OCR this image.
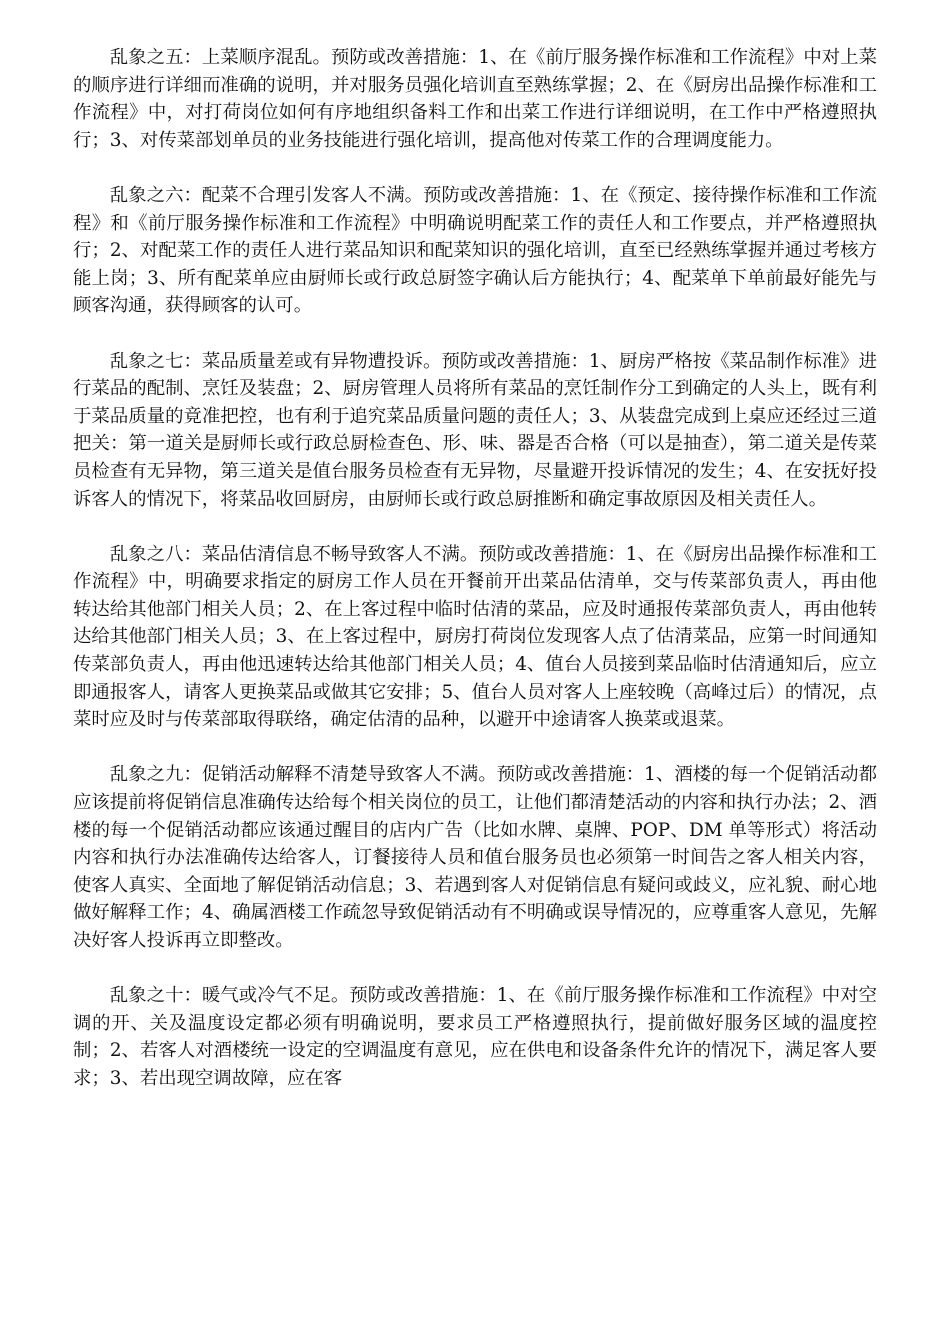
乱象之五：上菜顺序混乱。预防或改善措施：1、在《前厅服务操作标准和工作流程》中对上菜的顺序进行详细而准确的说明，并对服务员强化培训直至熟练掌握；2、在《厨房出品操作标准和工作流程》中，对打荷岗位如何有序地组织备料工作和出菜工作进行详细说明，在工作中严格遵照执行；3、对传菜部划单员的业务技能进行强化培训，提高他对传菜工作的合理调度能力。

乱象之六：配菜不合理引发客人不满。预防或改善措施：1、在《预定、接待操作标准和工作流程》和《前厅服务操作标准和工作流程》中明确说明配菜工作的责任人和工作要点，并严格遵照执行；2、对配菜工作的责任人进行菜品知识和配菜知识的强化培训，直至已经熟练掌握并通过考核方能上岗；3、所有配菜单应由厨师长或行政总厨签字确认后方能执行；4、配菜单下单前最好能先与顾客沟通，获得顾客的认可。

乱象之七：菜品质量差或有异物遭投诉。预防或改善措施：1、厨房严格按《菜品制作标准》进行菜品的配制、烹饪及装盘；2、厨房管理人员将所有菜品的烹饪制作分工到确定的人头上，既有利于菜品质量的竟准把控，也有利于追究菜品质量问题的责任人；3、从装盘完成到上桌应还经过三道把关：第一道关是厨师长或行政总厨检查色、形、味、器是否合格（可以是抽查），第二道关是传菜员检查有无异物，第三道关是值台服务员检查有无异物，尽量避开投诉情况的发生；4、在安抚好投诉客人的情况下，将菜品收回厨房，由厨师长或行政总厨推断和确定事故原因及相关责任人。

乱象之八：菜品估清信息不畅导致客人不满。预防或改善措施：1、在《厨房出品操作标准和工作流程》中，明确要求指定的厨房工作人员在开餐前开出菜品估清单，交与传菜部负责人，再由他转达给其他部门相关人员；2、在上客过程中临时估清的菜品，应及时通报传菜部负责人，再由他转达给其他部门相关人员；3、在上客过程中，厨房打荷岗位发现客人点了估清菜品，应第一时间通知传菜部负责人，再由他迅速转达给其他部门相关人员；4、值台人员接到菜品临时估清通知后，应立即通报客人，请客人更换菜品或做其它安排；5、值台人员对客人上座较晚（高峰过后）的情况，点菜时应及时与传菜部取得联络，确定估清的品种，以避开中途请客人换菜或退菜。

乱象之九：促销活动解释不清楚导致客人不满。预防或改善措施：1、酒楼的每一个促销活动都应该提前将促销信息准确传达给每个相关岗位的员工，让他们都清楚活动的内容和执行办法；2、酒楼的每一个促销活动都应该通过醒目的店内广告（比如水牌、桌牌、POP、DM 单等形式）将活动内容和执行办法准确传达给客人，订餐接待人员和值台服务员也必须第一时间告之客人相关内容，使客人真实、全面地了解促销活动信息；3、若遇到客人对促销信息有疑问或歧义，应礼貌、耐心地做好解释工作；4、确属酒楼工作疏忽导致促销活动有不明确或误导情况的，应尊重客人意见，先解决好客人投诉再立即整改。

乱象之十：暖气或冷气不足。预防或改善措施：1、在《前厅服务操作标准和工作流程》中对空调的开、关及温度设定都必须有明确说明，要求员工严格遵照执行，提前做好服务区域的温度控制；2、若客人对酒楼统一设定的空调温度有意见，应在供电和设备条件允许的情况下，满足客人要求；3、若出现空调故障，应在客
